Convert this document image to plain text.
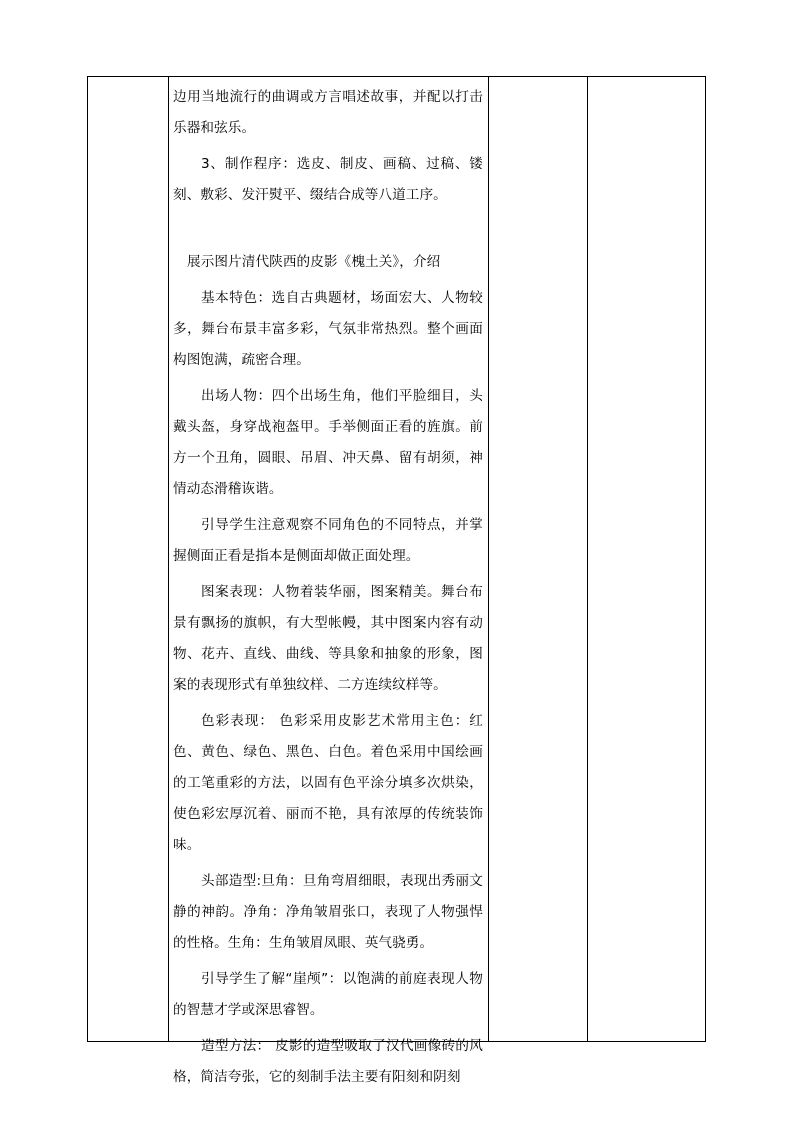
边用当地流行的曲调或方言唱述故事，并配以打击乐器和弦乐。

3、制作程序：选皮、制皮、画稿、过稿、镂刻、敷彩、发汗熨平、缀结合成等八道工序。

展示图片清代陕西的皮影《槐土关》，介绍

基本特色：选自古典题材，场面宏大、人物较多，舞台布景丰富多彩，气氛非常热烈。整个画面构图饱满，疏密合理。

出场人物：四个出场生角，他们平脸细目，头戴头盔，身穿战袍盔甲。手举侧面正看的旌旗。前方一个丑角，圆眼、吊眉、冲天鼻、留有胡须，神情动态滑稽诙谐。

引导学生注意观察不同角色的不同特点，并掌握侧面正看是指本是侧面却做正面处理。

图案表现：人物着装华丽，图案精美。舞台布景有飘扬的旗帜，有大型帐幔，其中图案内容有动物、花卉、直线、曲线、等具象和抽象的形象，图案的表现形式有单独纹样、二方连续纹样等。

色彩表现： 色彩采用皮影艺术常用主色：红色、黄色、绿色、黑色、白色。着色采用中国绘画的工笔重彩的方法，以固有色平涂分填多次烘染，使色彩宏厚沉着、丽而不艳，具有浓厚的传统装饰味。

头部造型:旦角：旦角弯眉细眼，表现出秀丽文静的神韵。净角：净角皱眉张口，表现了人物强悍的性格。生角：生角皱眉凤眼、英气骁勇。

引导学生了解“崖颅”：以饱满的前庭表现人物的智慧才学或深思睿智。

造型方法： 皮影的造型吸取了汉代画像砖的风格，简洁夸张，它的刻制手法主要有阳刻和阴刻
